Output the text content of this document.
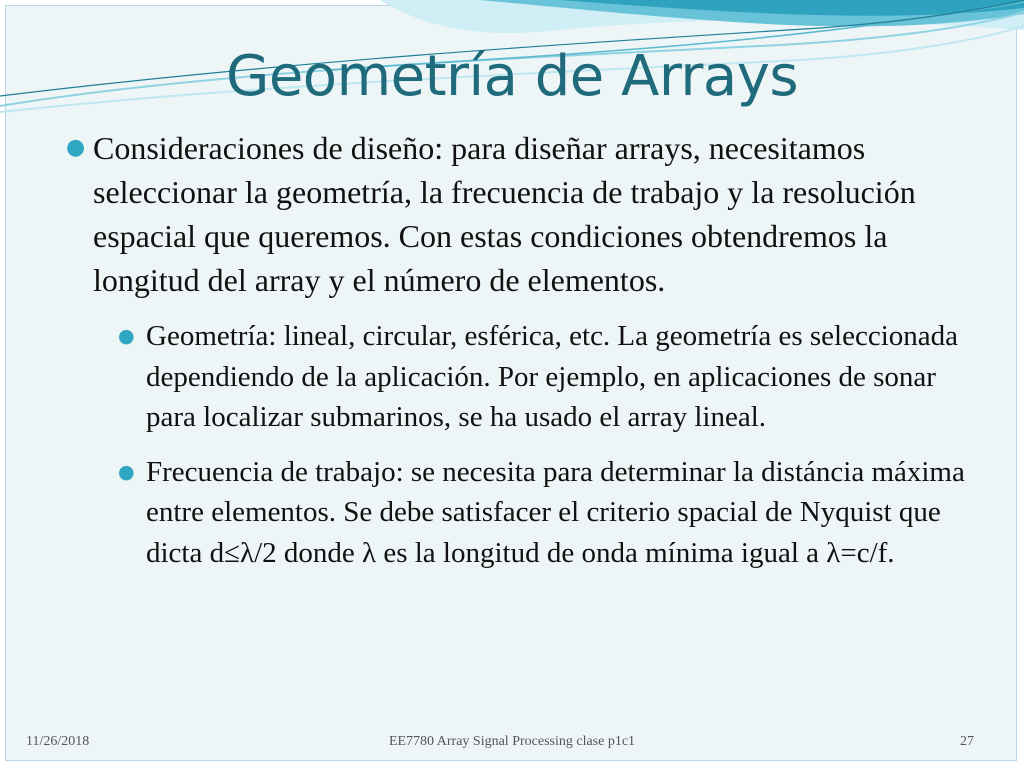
Geometría de Arrays
● Consideraciones de diseño: para diseñar arrays, necesitamos seleccionar la geometría, la frecuencia de trabajo y la resolución espacial que queremos. Con estas condiciones obtendremos la longitud del array y el número de elementos.
● Geometría: lineal, circular, esférica, etc. La geometría es seleccionada dependiendo de la aplicación. Por ejemplo, en aplicaciones de sonar para localizar submarinos, se ha usado el array lineal.
● Frecuencia de trabajo: se necesita para determinar la distáncia máxima entre elementos. Se debe satisfacer el criterio spacial de Nyquist que dicta d≤λ/2 donde λ es la longitud de onda mínima igual a λ=c/f.
11/26/2018	EE7780 Array Signal Processing clase p1c1	27
